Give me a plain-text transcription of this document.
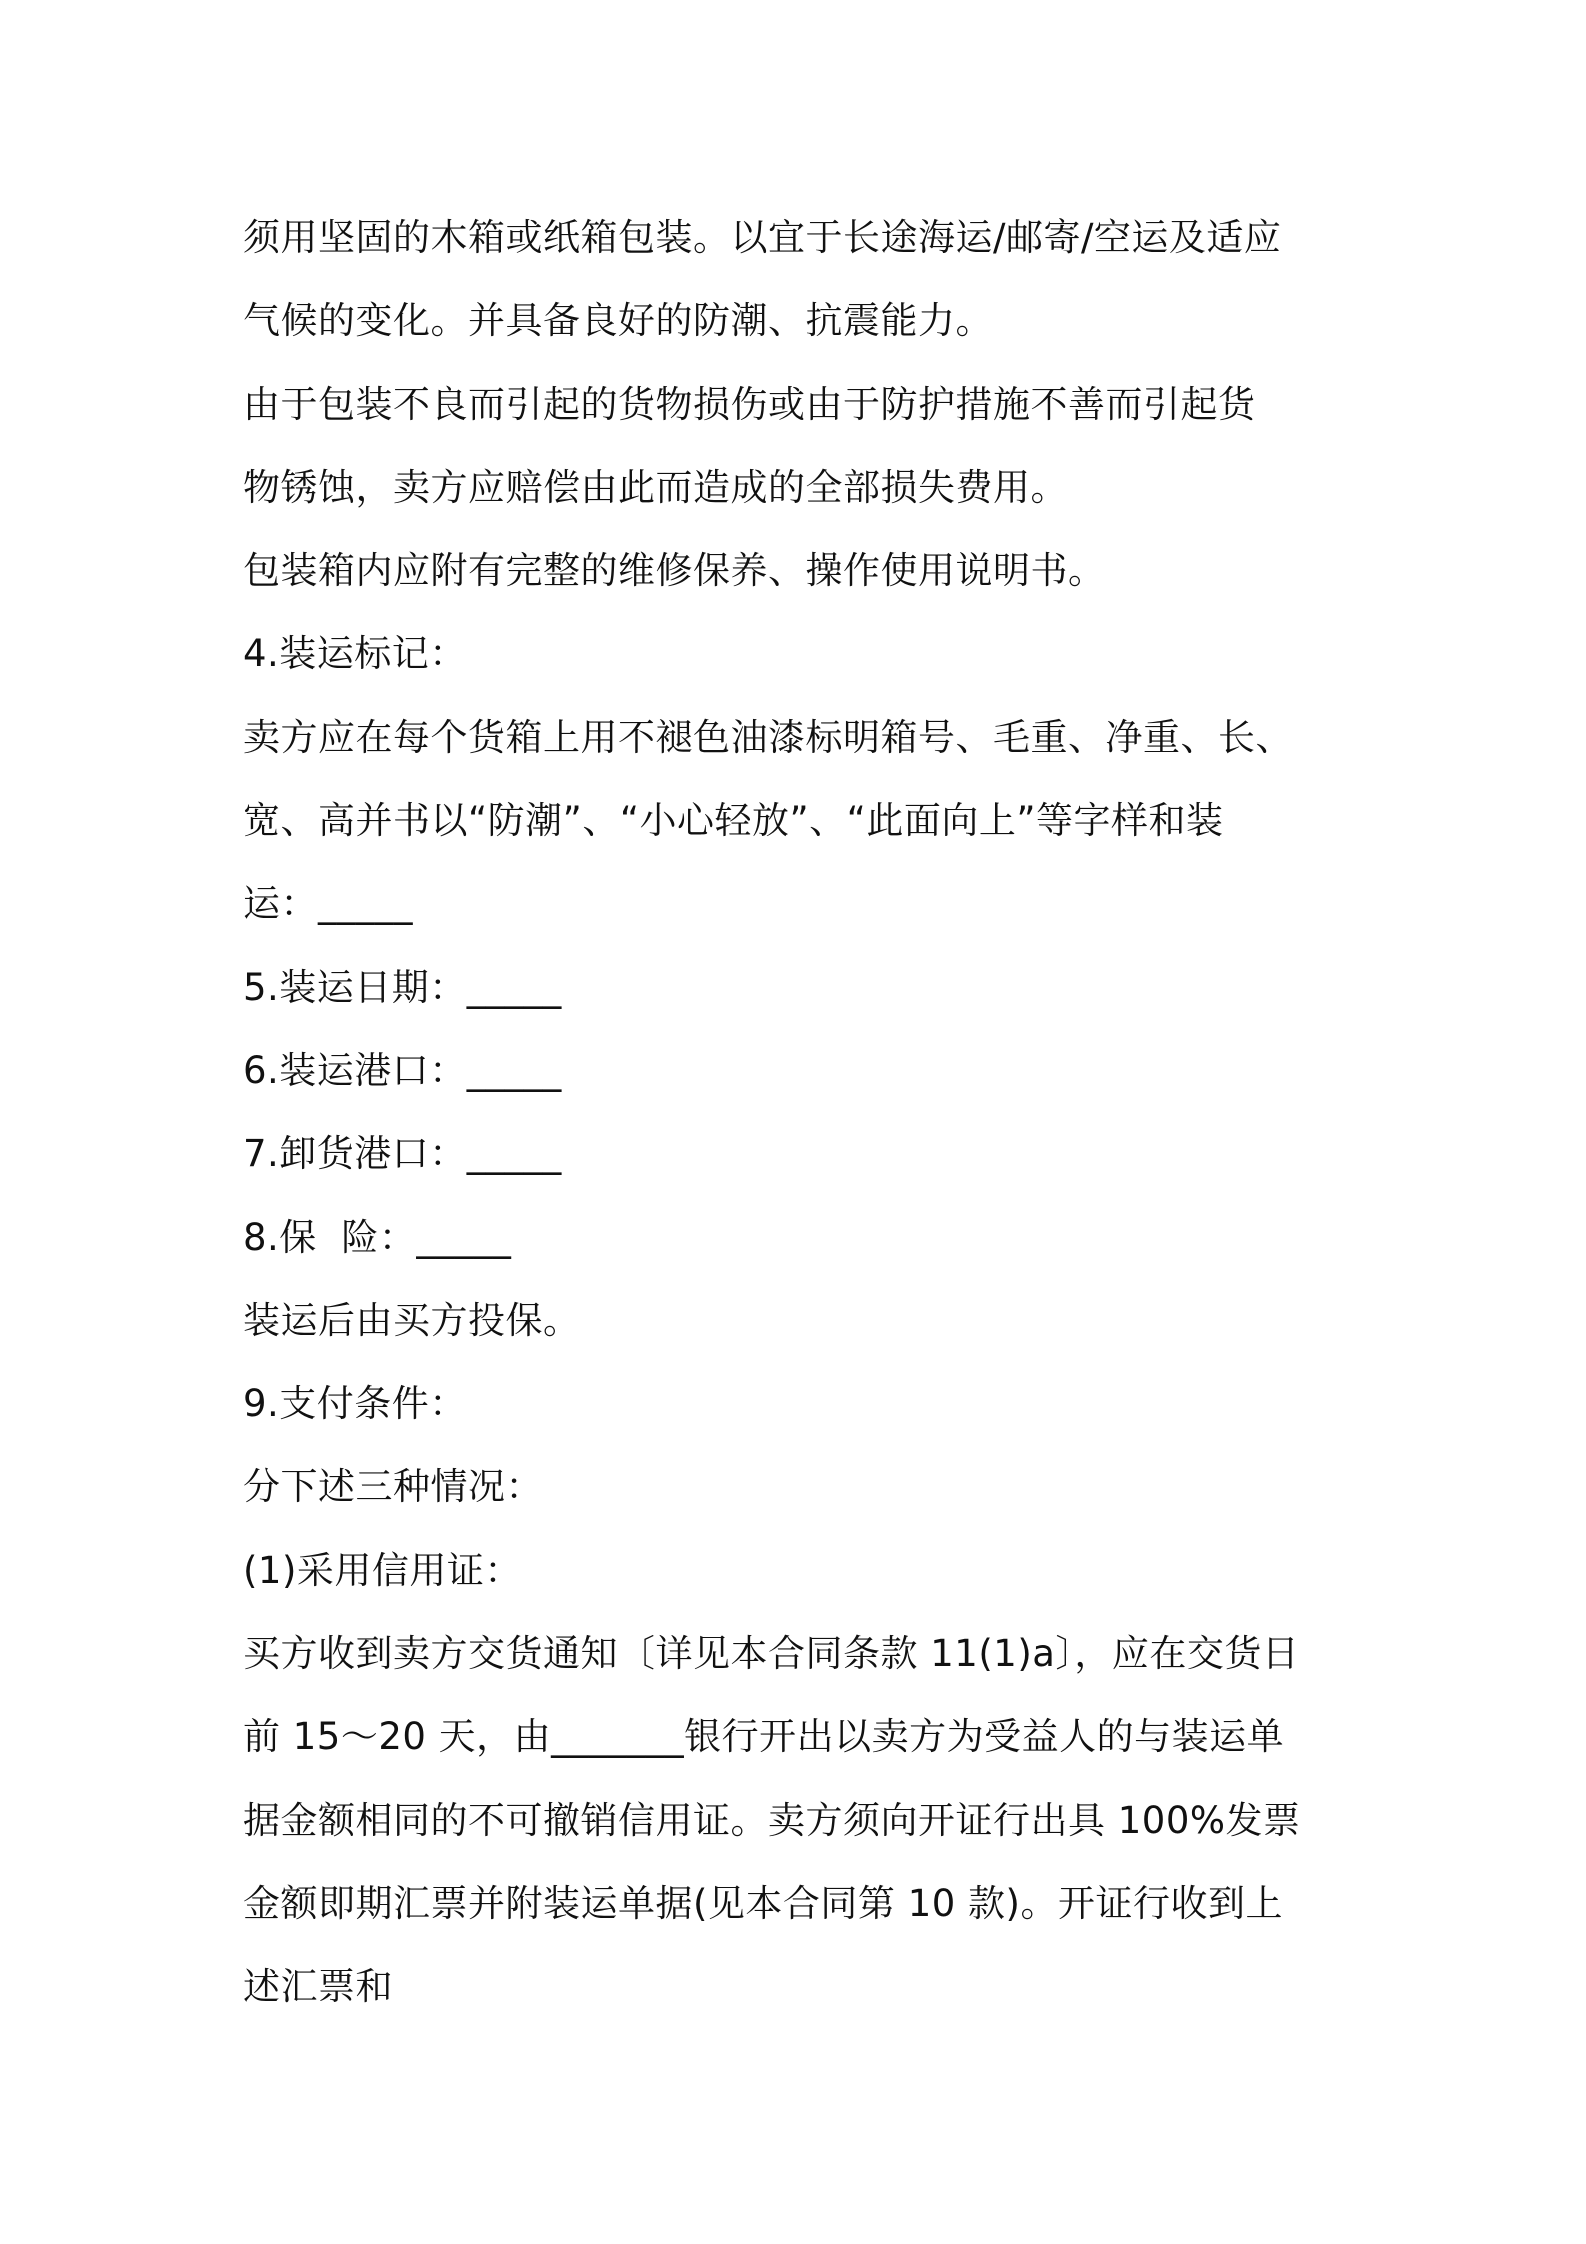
须用坚固的木箱或纸箱包装。以宜于长途海运/邮寄/空运及适应
气候的变化。并具备良好的防潮、抗震能力。
由于包装不良而引起的货物损伤或由于防护措施不善而引起货
物锈蚀，卖方应赔偿由此而造成的全部损失费用。
包装箱内应附有完整的维修保养、操作使用说明书。
4.装运标记：
卖方应在每个货箱上用不褪色油漆标明箱号、毛重、净重、长、
宽、高并书以“防潮”、“小心轻放”、“此面向上”等字样和装
运：_____
5.装运日期：_____
6.装运港口：_____
7.卸货港口：_____
8.保  险：_____
装运后由买方投保。
9.支付条件：
分下述三种情况：
(1)采用信用证：
买方收到卖方交货通知〔详见本合同条款 11(1)a〕，应在交货日
前 15～20 天，由_______银行开出以卖方为受益人的与装运单
据金额相同的不可撤销信用证。卖方须向开证行出具 100%发票
金额即期汇票并附装运单据(见本合同第 10 款)。开证行收到上
述汇票和
